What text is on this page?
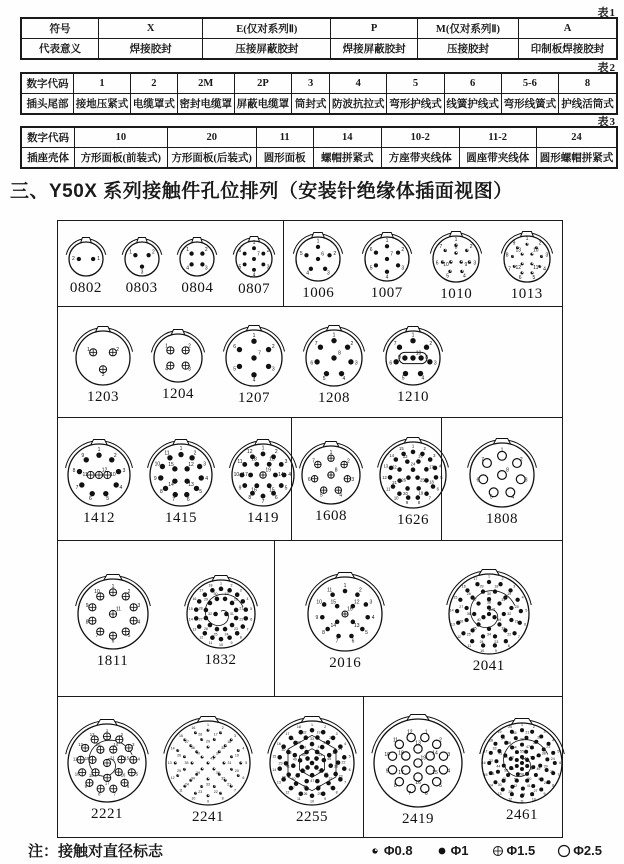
表1
符号	X	E(仅对系列Ⅱ)	P	M(仅对系列Ⅱ)	A
代表意义	焊接胶封	压接屏蔽胶封	焊接屏蔽胶封	压接胶封	印制板焊接胶封
表2
数字代码	1	2	2M	2P	3	4	5	6	5-6	8
插头尾部	接地压紧式	电缆罩式	密封电缆罩	屏蔽电缆罩	筒封式	防波抗拉式	弯形护线式	线簧护线式	弯形线簧式	护线活筒式
表3
数字代码	10	20	11	14	10-2	11-2	24
插座壳体	方形面板(前装式)	方形面板(后装式)	圆形面板	螺帽拼紧式	方座带夹线体	圆座带夹线体	圆形螺帽拼紧式
三、Y50X 系列接触件孔位排列（安装针绝缘体插面视图）
1
2
0802
1	2
3
0803
1	2
3
4
0804
1
2
3
4
5
6
7
0807
1
2
3
4
5	6
1006
1
2
3
4
5
6
7
1007
1
2
3
4
5
6
7 8
9
10
1010
1
2
3
4
5
6
7
8
9
10
11
12
13
1013
1	2
3
1203
1	2
3
4
1204
1
2
3
4
5
6
7
1207
1
2
3
4
5
6
7
8
1208
1
2
3
4
5
6
7
8
9
10
1210
1
2
3
4
5
6
7
8
9
10
11
12
1412
1
2
3
4
5
6
7
8
9
10
11
12
13
14
15
1415
1
2
3
4
5
6
7
8
9
10
11
12
13
14
15
16
17
18
19
1419
1
2
3
4
5
6
7
8
1608
1 2
3
4
5
6
7
8
9
10
11
12
13
14
15
16
17
18
19
20
21
22
23
24
25
26
1626
1
2
3
4
5
6
7
8
1808
1
2
3
4
5
6
7
8
9
10
11
1811
1 2
3
4
5
6
7
8
9
10
11
12
13
14
15
16
17
18
19
20
21
22
23
24
25
26
27
28
29
30
31
32
1832
1
2
3
4
5
6
7
8
9
10
11
12
13
14
15
16
2016
1
2
3
4
5
6
7
8
9
10
11
12
13
14
15
16
17
18
19
20
21
22
23
24
25
26
27
28
29
30
31
32
33
34
35
36
37
38
39
40
41
2041
1
2
3
4
5
6
7
8
9
10
11
12
13
14
15
16
17
18
19
20
21
2221
1
2
3
4
5
6
7
8
9
10
11
12
13
14
15
16
17
18
19
20
21
22
23
24
25
26
27
28
29
30
31
32
33
34
35
36
37
38
39
40
41
2241
1
2
3
4
5
6
7
8
9
10
11
12
13
14
15
16
17
18
19
20
21
22
23
24
25
26
27
28
29
30
31
32
33
34
35
36
37
38
39
40
41
42
43
44
45
46
47
48
49
50
51
52
53
54
55
2255
1
2
3
4
5
6
7
8
9
10
11
12
13
14
15
16
17
18
19
2419
1	2
3
4
5
6
7
8
9
10
11
12
13
14
15
16
17
18
19
20
21
22
23
24
25
26
27
28
29
30
31
32
33
34
35
36
37
38
39
40
41
42
43
44
45
46
47
48
49
50
51
52
53
54
55
56
57
58
59
60	61
2461
注：接触对直径标志	Φ0.8	Φ1	Φ1.5	Φ2.5
